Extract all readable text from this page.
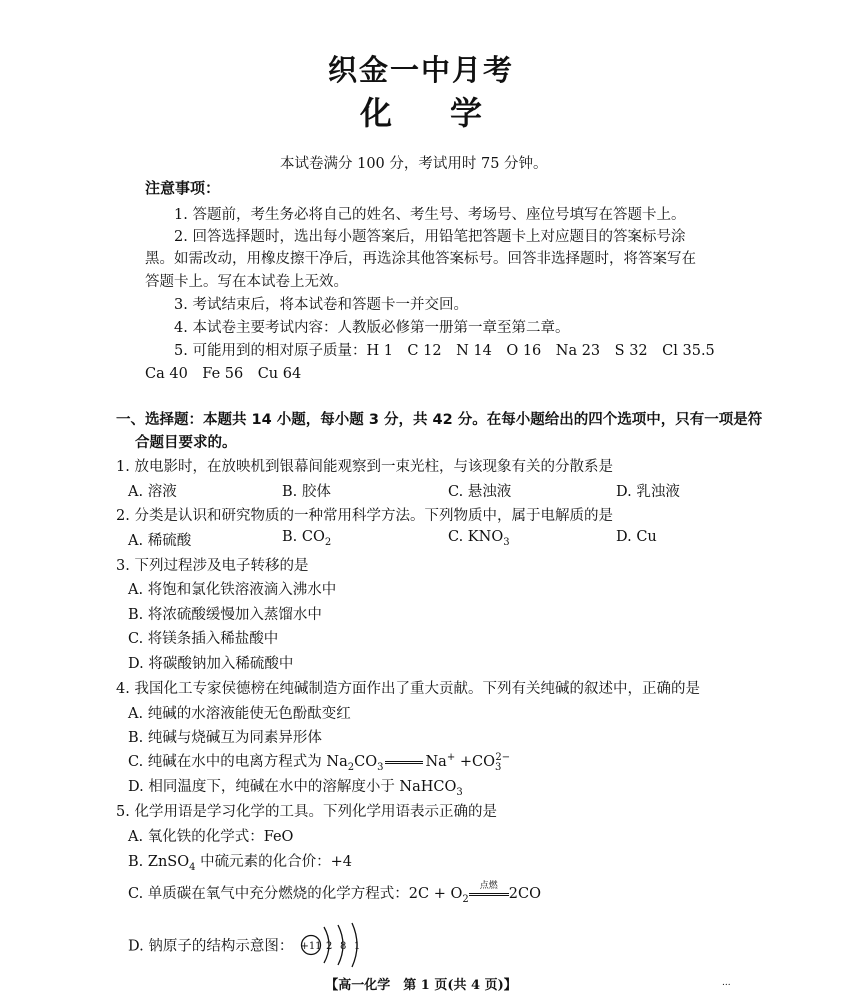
织金一中月考
化学
本试卷满分 100 分，考试用时 75 分钟。
注意事项：
1. 答题前，考生务必将自己的姓名、考生号、考场号、座位号填写在答题卡上。
2. 回答选择题时，选出每小题答案后，用铅笔把答题卡上对应题目的答案标号涂
黑。如需改动，用橡皮擦干净后，再选涂其他答案标号。回答非选择题时，将答案写在
答题卡上。写在本试卷上无效。
3. 考试结束后，将本试卷和答题卡一并交回。
4. 本试卷主要考试内容：人教版必修第一册第一章至第二章。
5. 可能用到的相对原子质量：H 1　C 12　N 14　O 16　Na 23　S 32　Cl 35.5
Ca 40　Fe 56　Cu 64
一、选择题：本题共 14 小题，每小题 3 分，共 42 分。在每小题给出的四个选项中，只有一项是符
合题目要求的。
1. 放电影时，在放映机到银幕间能观察到一束光柱，与该现象有关的分散系是
A. 溶液	B. 胶体	C. 悬浊液	D. 乳浊液
2. 分类是认识和研究物质的一种常用科学方法。下列物质中，属于电解质的是
A. 稀硫酸	B. $CO_2$	C. $KNO_3$	D. Cu
3. 下列过程涉及电子转移的是
A. 将饱和氯化铁溶液滴入沸水中
B. 将浓硫酸缓慢加入蒸馏水中
C. 将镁条插入稀盐酸中
D. 将碳酸钠加入稀硫酸中
4. 我国化工专家侯德榜在纯碱制造方面作出了重大贡献。下列有关纯碱的叙述中，正确的是
A. 纯碱的水溶液能使无色酚酞变红
B. 纯碱与烧碱互为同素异形体
C. 纯碱在水中的电离方程式为 $Na_2CO_3$	$Na^+ +CO_3^{2-}$
D. 相同温度下，纯碱在水中的溶解度小于 NaHCO$_3$
5. 化学用语是学习化学的工具。下列化学用语表示正确的是
A. 氧化铁的化学式：FeO
B. ZnSO$_4$ 中硫元素的化合价：+4
C. 单质碳在氧气中充分燃烧的化学方程式：$2C + O_2$
点燃 2CO
D. 钠原子的结构示意图： +11 2 8 1
【高一化学　第 1 页(共 4 页)】	...
